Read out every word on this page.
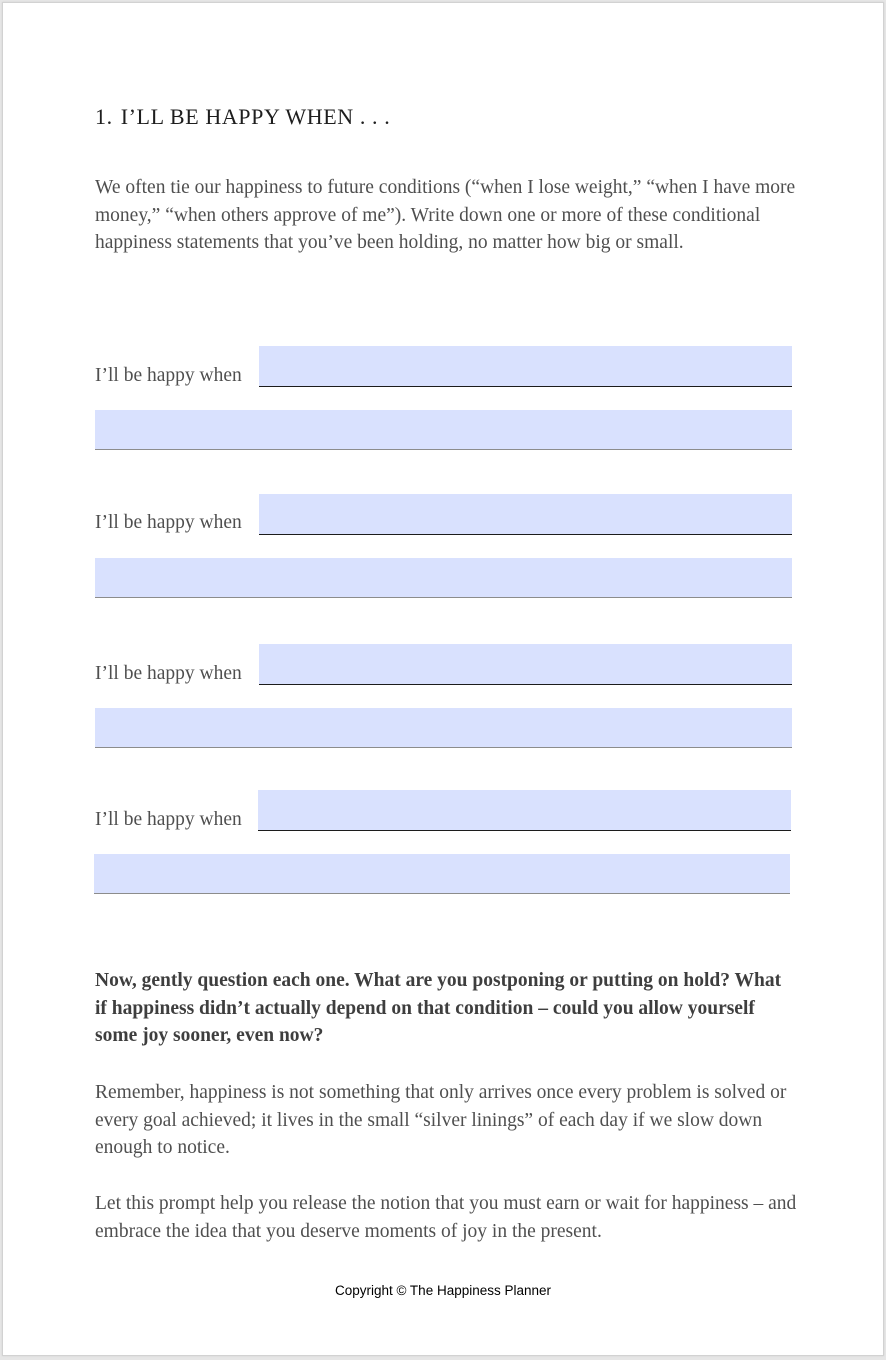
1. I’LL BE HAPPY WHEN . . .

We often tie our happiness to future conditions (“when I lose weight,” “when I have more money,” “when others approve of me”). Write down one or more of these conditional happiness statements that you’ve been holding, no matter how big or small.

I’ll be happy when
I’ll be happy when
I’ll be happy when
I’ll be happy when

Now, gently question each one. What are you postponing or putting on hold? What if happiness didn’t actually depend on that condition – could you allow yourself some joy sooner, even now?

Remember, happiness is not something that only arrives once every problem is solved or every goal achieved; it lives in the small “silver linings” of each day if we slow down enough to notice.

Let this prompt help you release the notion that you must earn or wait for happiness – and embrace the idea that you deserve moments of joy in the present.

Copyright © The Happiness Planner
